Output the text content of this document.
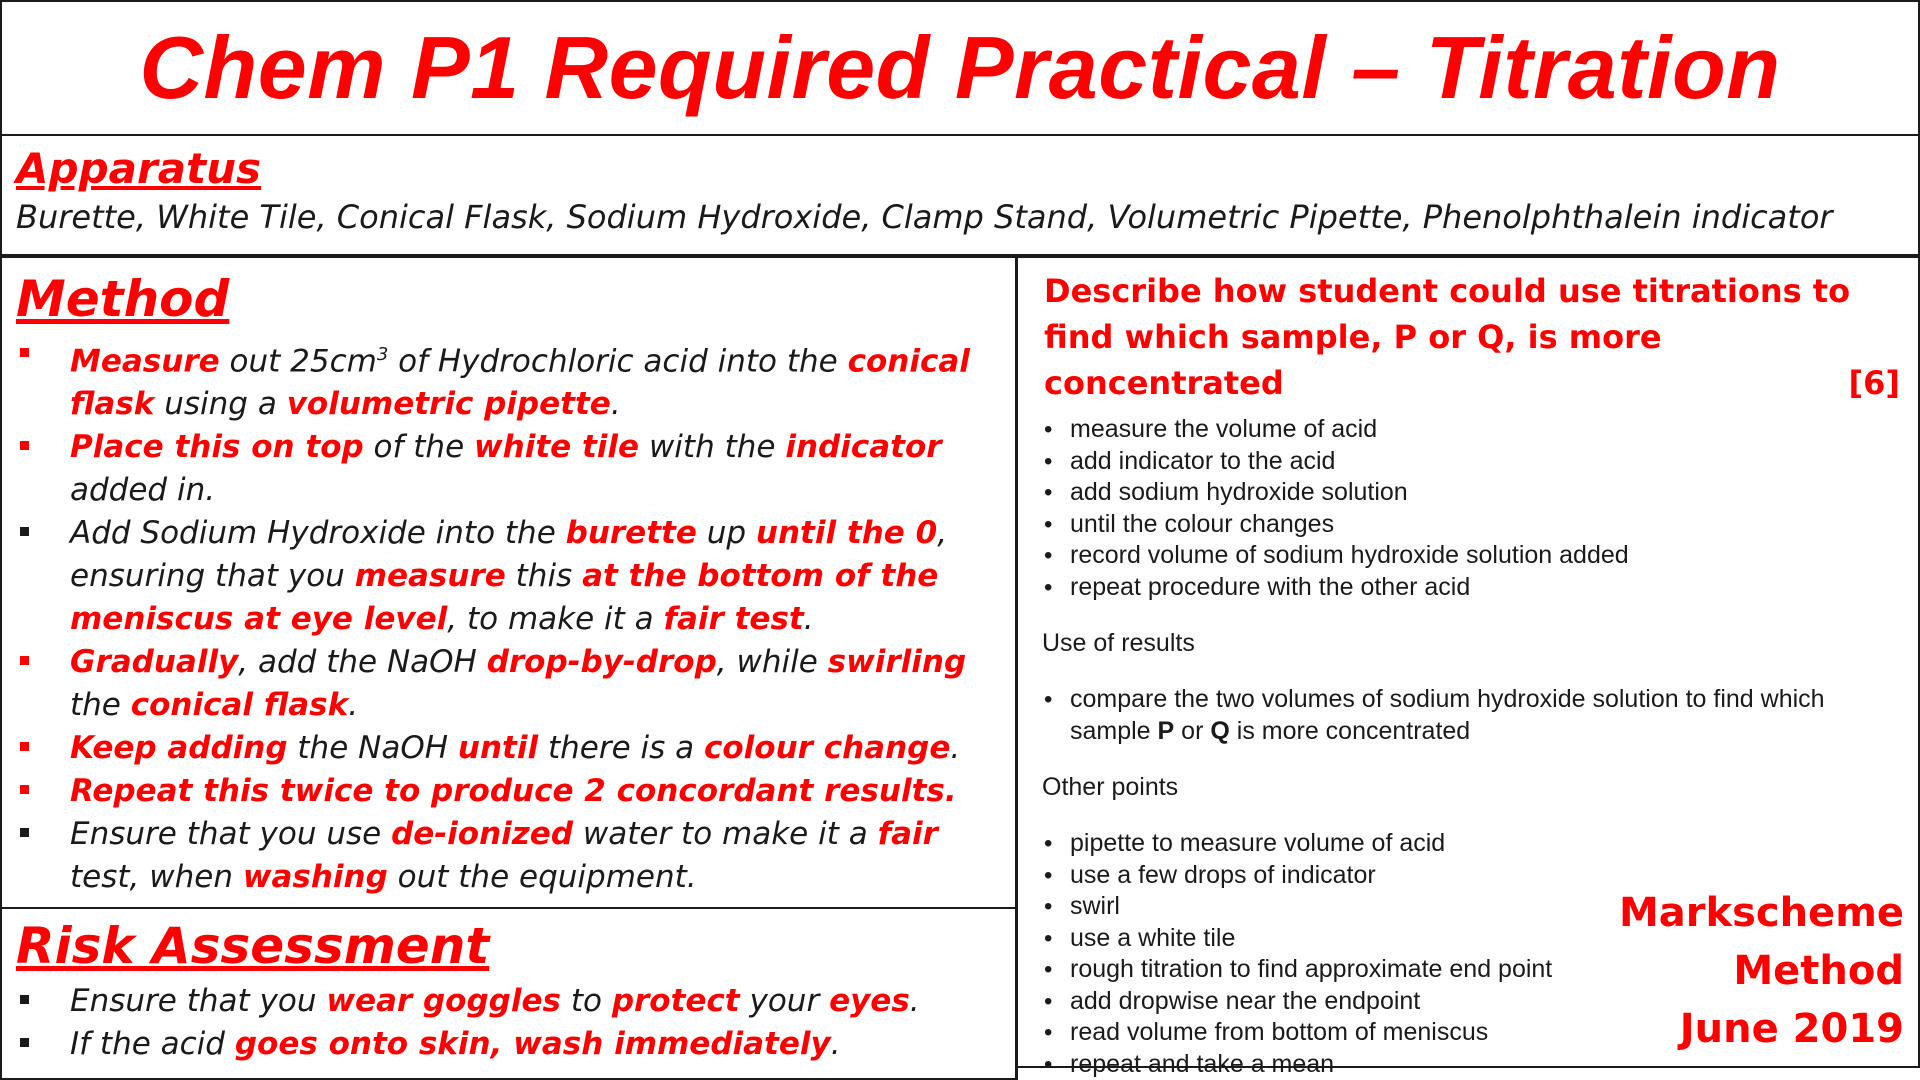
Chem P1 Required Practical – Titration
Apparatus

Burette, White Tile, Conical Flask, Sodium Hydroxide, Clamp Stand, Volumetric Pipette, Phenolphthalein indicator

Method
Measure out $25cm^3$ of Hydrochloric acid into the conical flask using a volumetric pipette.
Place this on top of the white tile with the indicator added in.
Add Sodium Hydroxide into the burette up until the 0, ensuring that you measure this at the bottom of the meniscus at eye level, to make it a fair test.
Gradually, add the NaOH drop-by-drop, while swirling the conical flask.
Keep adding the NaOH until there is a colour change.
Repeat this twice to produce 2 concordant results.
Ensure that you use de-ionized water to make it a fair test, when washing out the equipment.
Risk Assessment
Ensure that you wear goggles to protect your eyes.
If the acid goes onto skin, wash immediately.

Describe how student could use titrations to find which sample, P or Q, is more concentrated	[6]

• measure the volume of acid
• add indicator to the acid
• add sodium hydroxide solution
• until the colour changes
• record volume of sodium hydroxide solution added
• repeat procedure with the other acid
Use of results
• compare the two volumes of sodium hydroxide solution to find which sample P or Q is more concentrated
Other points
• pipette to measure volume of acid
• use a few drops of indicator
• swirl
• use a white tile
• rough titration to find approximate end point
• add dropwise near the endpoint
• read volume from bottom of meniscus
• repeat and take a mean
Markscheme
Method
June 2019
